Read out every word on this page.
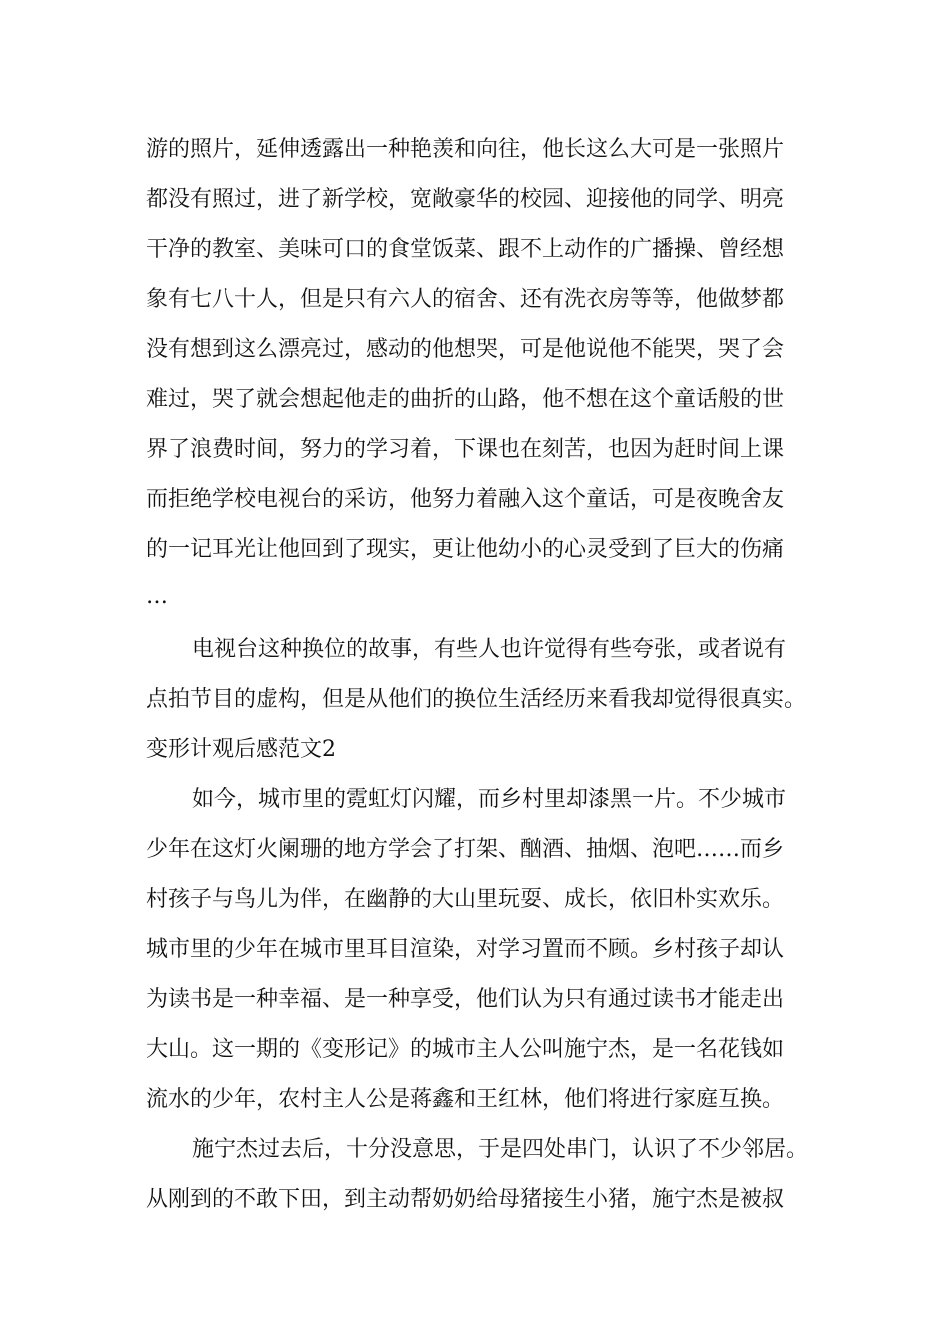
游的照片，延伸透露出一种艳羡和向往，他长这么大可是一张照片
都没有照过，进了新学校，宽敞豪华的校园、迎接他的同学、明亮
干净的教室、美味可口的食堂饭菜、跟不上动作的广播操、曾经想
象有七八十人，但是只有六人的宿舍、还有洗衣房等等，他做梦都
没有想到这么漂亮过，感动的他想哭，可是他说他不能哭，哭了会
难过，哭了就会想起他走的曲折的山路，他不想在这个童话般的世
界了浪费时间，努力的学习着，下课也在刻苦，也因为赶时间上课
而拒绝学校电视台的采访，他努力着融入这个童话，可是夜晚舍友
的一记耳光让他回到了现实，更让他幼小的心灵受到了巨大的伤痛
…
电视台这种换位的故事，有些人也许觉得有些夸张，或者说有
点拍节目的虚构，但是从他们的换位生活经历来看我却觉得很真实。
变形计观后感范文2
如今，城市里的霓虹灯闪耀，而乡村里却漆黑一片。不少城市
少年在这灯火阑珊的地方学会了打架、酗酒、抽烟、泡吧……而乡
村孩子与鸟儿为伴，在幽静的大山里玩耍、成长，依旧朴实欢乐。
城市里的少年在城市里耳目渲染，对学习置而不顾。乡村孩子却认
为读书是一种幸福、是一种享受，他们认为只有通过读书才能走出
大山。这一期的《变形记》的城市主人公叫施宁杰，是一名花钱如
流水的少年，农村主人公是蒋鑫和王红林，他们将进行家庭互换。
施宁杰过去后，十分没意思，于是四处串门，认识了不少邻居。
从刚到的不敢下田，到主动帮奶奶给母猪接生小猪，施宁杰是被叔
